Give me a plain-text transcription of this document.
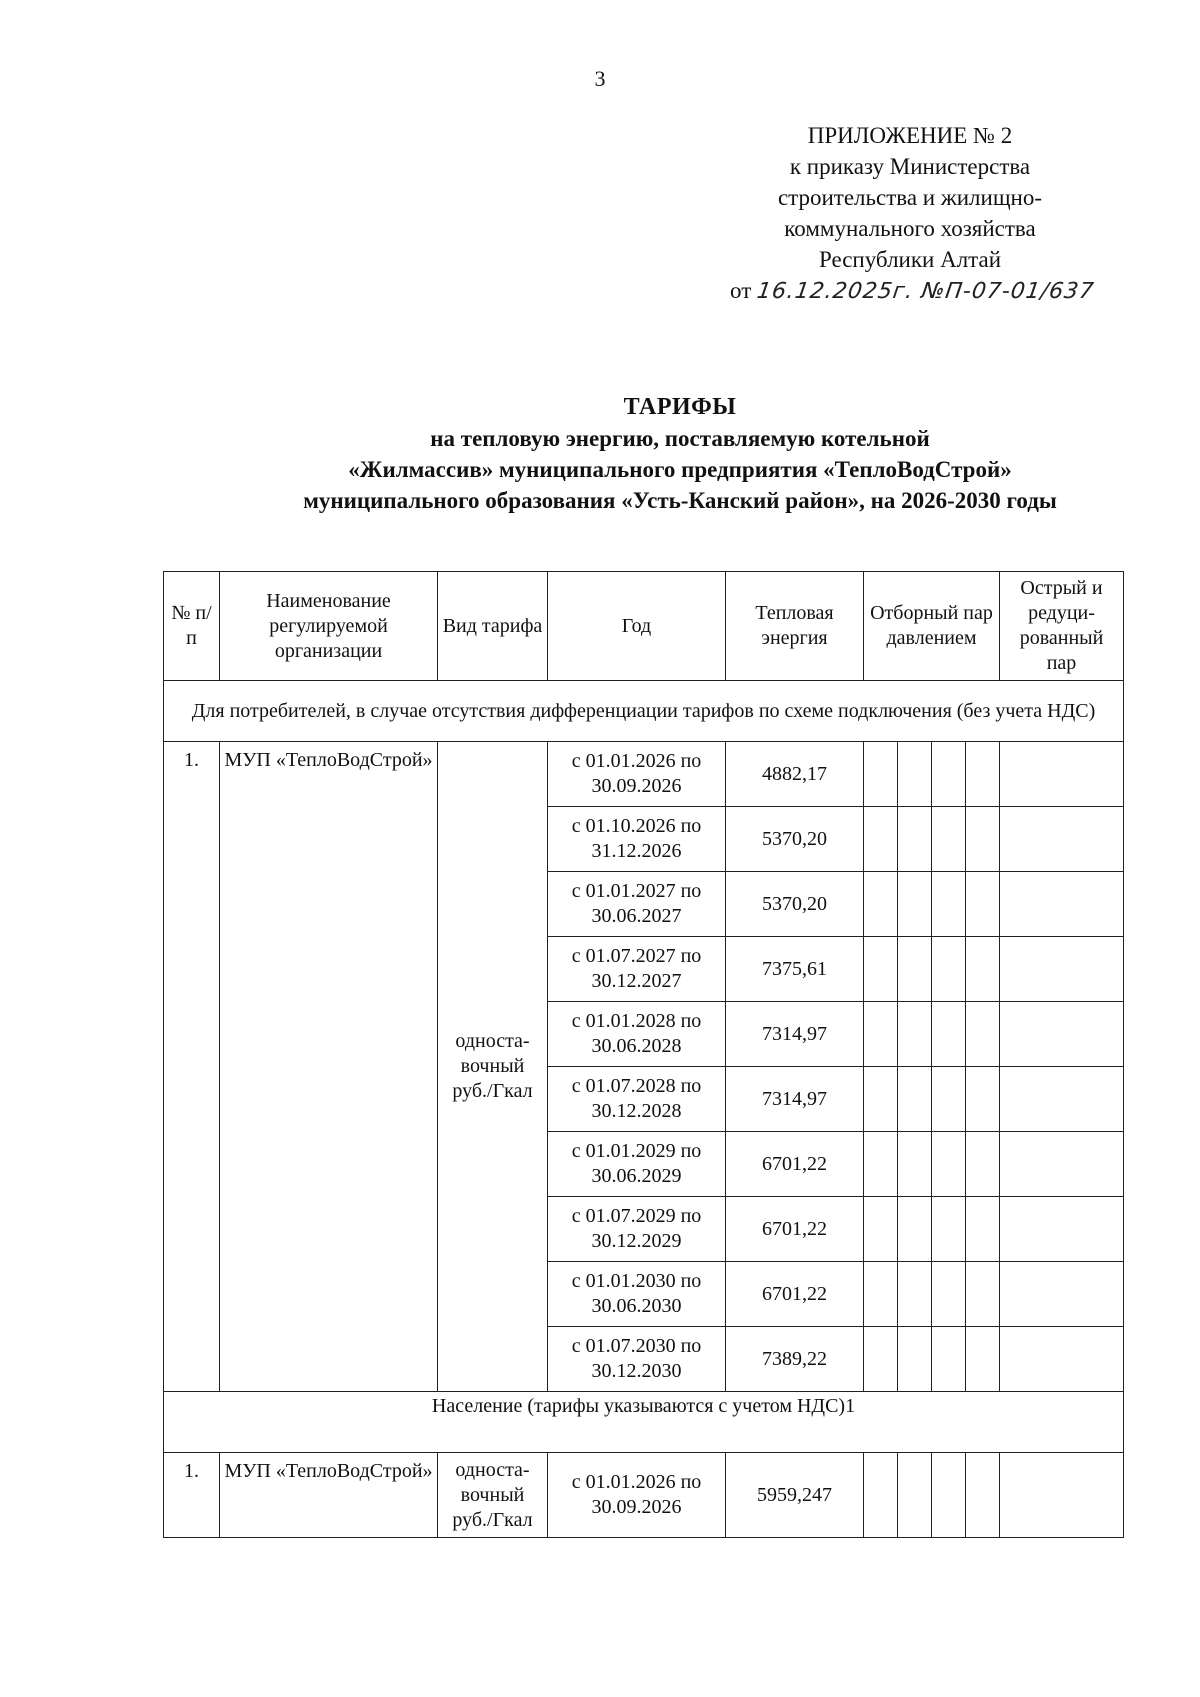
3
ПРИЛОЖЕНИЕ № 2
к приказу Министерства
строительства и жилищно-
коммунального хозяйства
Республики Алтай
от 16.12.2025г. №П-07-01/637
ТАРИФЫ
на тепловую энергию, поставляемую котельной
«Жилмассив» муниципального предприятия «ТеплоВодСтрой»
муниципального образования «Усть-Канский район», на 2026-2030 годы
№ п/п	Наименование регулируемой организации	Вид тарифа	Год	Тепловая энергия	Отборный пар давлением				Острый и редуци-рованный пар
Для потребителей, в случае отсутствия дифференциации тарифов по схеме подключения (без учета НДС)									
1.	МУП «ТеплоВодСтрой»	односта-вочный руб./Гкал	с 01.01.2026 по 30.09.2026	4882,17					
			с 01.10.2026 по 31.12.2026	5370,20					
			с 01.01.2027 по 30.06.2027	5370,20					
			с 01.07.2027 по 30.12.2027	7375,61					
			с 01.01.2028 по 30.06.2028	7314,97					
			с 01.07.2028 по 30.12.2028	7314,97					
			с 01.01.2029 по 30.06.2029	6701,22					
			с 01.07.2029 по 30.12.2029	6701,22					
			с 01.01.2030 по 30.06.2030	6701,22					
			с 01.07.2030 по 30.12.2030	7389,22					
Население (тарифы указываются с учетом НДС)1									
1.	МУП «ТеплоВодСтрой»	односта-вочный руб./Гкал	с 01.01.2026 по 30.09.2026	5959,247					
